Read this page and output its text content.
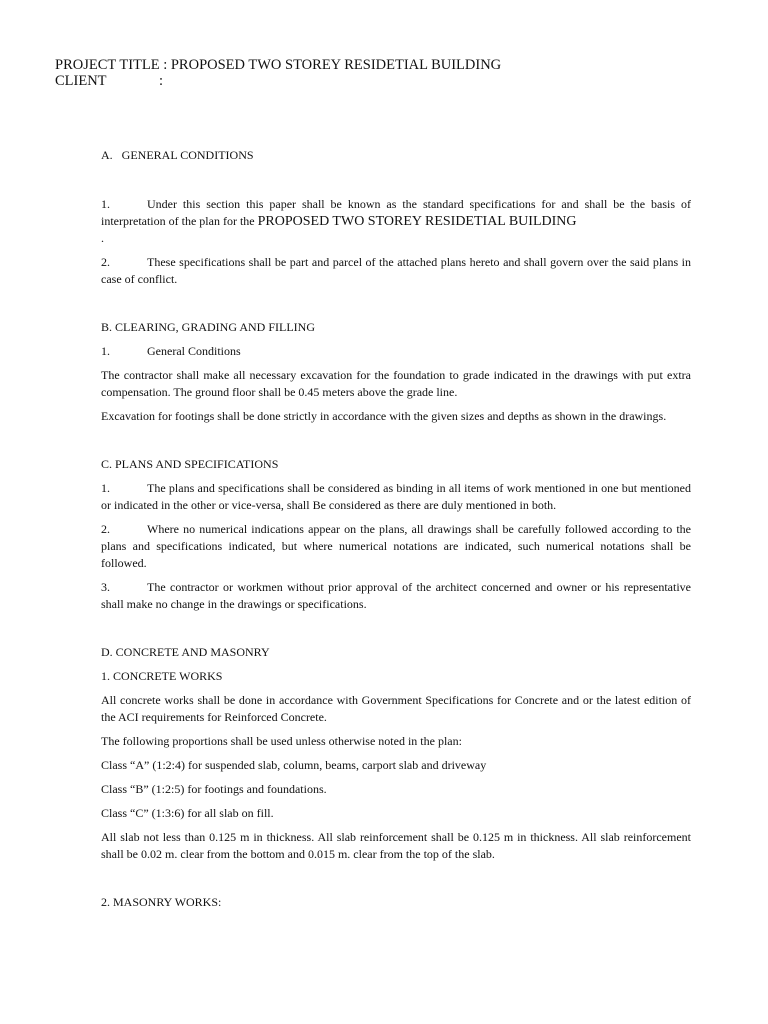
PROJECT TITLE : PROPOSED TWO STOREY RESIDETIAL BUILDING
CLIENT	:
A.   GENERAL CONDITIONS

1.	Under this section this paper shall be known as the standard specifications for and shall be the basis of interpretation of the plan for the PROPOSED TWO STOREY RESIDETIAL BUILDING
.

2.	These specifications shall be part and parcel of the attached plans hereto and shall govern over the said plans in case of conflict.

B. CLEARING, GRADING AND FILLING

1.	General Conditions

The contractor shall make all necessary excavation for the foundation to grade indicated in the drawings with put extra compensation. The ground floor shall be 0.45 meters above the grade line.

Excavation for footings shall be done strictly in accordance with the given sizes and depths as shown in the drawings.

C. PLANS AND SPECIFICATIONS

1.	The plans and specifications shall be considered as binding in all items of work mentioned in one but mentioned or indicated in the other or vice-versa, shall Be considered as there are duly mentioned in both.

2.	Where no numerical indications appear on the plans, all drawings shall be carefully followed according to the plans and specifications indicated, but where numerical notations are indicated, such numerical notations shall be followed.

3.	The contractor or workmen without prior approval of the architect concerned and owner or his representative shall make no change in the drawings or specifications.

D. CONCRETE AND MASONRY
1. CONCRETE WORKS

All concrete works shall be done in accordance with Government Specifications for Concrete and or the latest edition of the ACI requirements for Reinforced Concrete.

The following proportions shall be used unless otherwise noted in the plan:

Class “A” (1:2:4) for suspended slab, column, beams, carport slab and driveway

Class “B” (1:2:5) for footings and foundations.

Class “C” (1:3:6) for all slab on fill.

All slab not less than 0.125 m in thickness. All slab reinforcement shall be 0.125 m in thickness. All slab reinforcement shall be 0.02 m. clear from the bottom and 0.015 m. clear from the top of the slab.

2. MASONRY WORKS:
